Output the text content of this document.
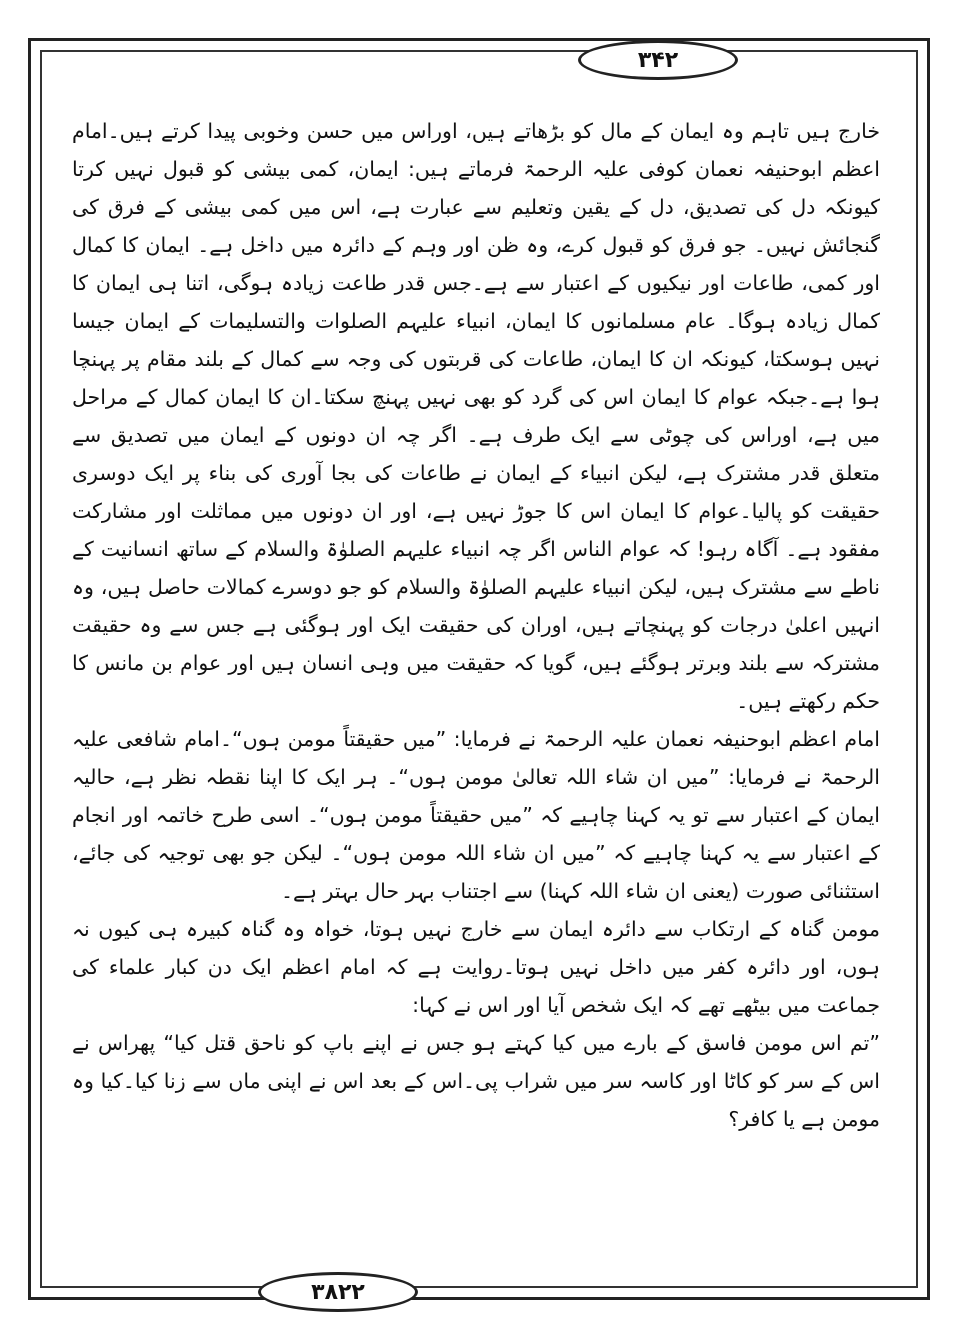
۳۴۲

خارج ہیں تاہم وہ ایمان کے مال کو بڑھاتے ہیں، اوراس میں حسن وخوبی پیدا کرتے ہیں۔امام اعظم ابوحنیفہ نعمان کوفی علیہ الرحمۃ فرماتے ہیں: ایمان، کمی بیشی کو قبول نہیں کرتا کیونکہ دل کی تصدیق، دل کے یقین وتعلیم سے عبارت ہے، اس میں کمی بیشی کے فرق کی گنجائش نہیں۔ جو فرق کو قبول کرے، وہ ظن اور وہم کے دائرہ میں داخل ہے۔ ایمان کا کمال اور کمی، طاعات اور نیکیوں کے اعتبار سے ہے۔جس قدر طاعت زیادہ ہوگی، اتنا ہی ایمان کا کمال زیادہ ہوگا۔ عام مسلمانوں کا ایمان، انبیاء علیہم الصلوات والتسلیمات کے ایمان جیسا نہیں ہوسکتا، کیونکہ ان کا ایمان، طاعات کی قربتوں کی وجہ سے کمال کے بلند مقام پر پہنچا ہوا ہے۔جبکہ عوام کا ایمان اس کی گرد کو بھی نہیں پہنچ سکتا۔ان کا ایمان کمال کے مراحل میں ہے، اوراس کی چوٹی سے ایک طرف ہے۔ اگر چہ ان دونوں کے ایمان میں تصدیق سے متعلق قدر مشترک ہے، لیکن انبیاء کے ایمان نے طاعات کی بجا آوری کی بناء پر ایک دوسری حقیقت کو پالیا۔عوام کا ایمان اس کا جوڑ نہیں ہے، اور ان دونوں میں مماثلت اور مشارکت مفقود ہے۔ آگاہ رہو! کہ عوام الناس اگر چہ انبیاء علیہم الصلوٰۃ والسلام کے ساتھ انسانیت کے ناطے سے مشترک ہیں، لیکن انبیاء علیہم الصلوٰۃ والسلام کو جو دوسرے کمالات حاصل ہیں، وہ انہیں اعلیٰ درجات کو پہنچاتے ہیں، اوران کی حقیقت ایک اور ہوگئی ہے جس سے وہ حقیقت مشترکہ سے بلند وبرتر ہوگئے ہیں، گویا کہ حقیقت میں وہی انسان ہیں اور عوام بن مانس کا حکم رکھتے ہیں۔

امام اعظم ابوحنیفہ نعمان علیہ الرحمۃ نے فرمایا: ”میں حقیقتاً مومن ہوں“۔امام شافعی علیہ الرحمۃ نے فرمایا: ”میں ان شاء اللہ تعالیٰ مومن ہوں“۔ ہر ایک کا اپنا نقطہ نظر ہے، حالیہ ایمان کے اعتبار سے تو یہ کہنا چاہیے کہ ”میں حقیقتاً مومن ہوں“۔ اسی طرح خاتمہ اور انجام کے اعتبار سے یہ کہنا چاہیے کہ ”میں ان شاء اللہ مومن ہوں“۔ لیکن جو بھی توجیہ کی جائے، استثنائی صورت (یعنی ان شاء اللہ کہنا) سے اجتناب بہر حال بہتر ہے۔

مومن گناہ کے ارتکاب سے دائرہ ایمان سے خارج نہیں ہوتا، خواہ وہ گناہ کبیرہ ہی کیوں نہ ہوں، اور دائرہ کفر میں داخل نہیں ہوتا۔روایت ہے کہ امام اعظم ایک دن کبار علماء کی جماعت میں بیٹھے تھے کہ ایک شخص آیا اور اس نے کہا:

”تم اس مومن فاسق کے بارے میں کیا کہتے ہو جس نے اپنے باپ کو ناحق قتل کیا“ پھراس نے اس کے سر کو کاٹا اور کاسہ سر میں شراب پی۔اس کے بعد اس نے اپنی ماں سے زنا کیا۔کیا وہ مومن ہے یا کافر؟

۳۸۲۲
